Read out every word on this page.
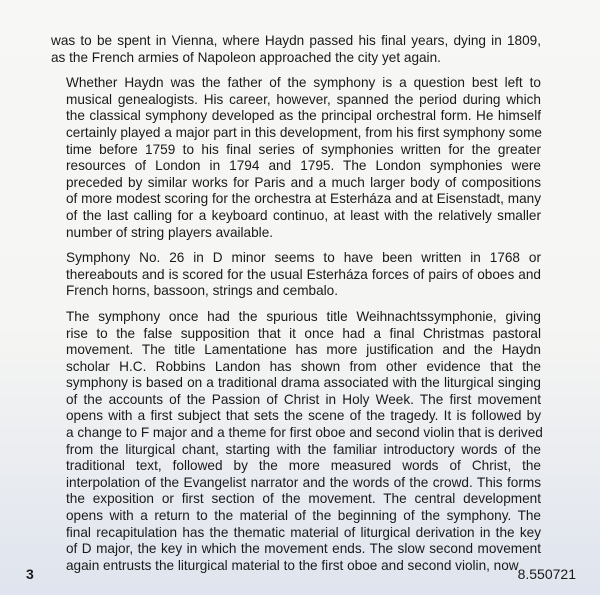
was to be spent in Vienna, where Haydn passed his final years, dying in 1809,
as the French armies of Napoleon approached the city yet again.

Whether Haydn was the father of the symphony is a question best left to
musical genealogists. His career, however, spanned the period during which
the classical symphony developed as the principal orchestral form. He himself
certainly played a major part in this development, from his first symphony some
time before 1759 to his final series of symphonies written for the greater
resources of London in 1794 and 1795. The London symphonies were
preceded by similar works for Paris and a much larger body of compositions
of more modest scoring for the orchestra at Esterháza and at Eisenstadt, many
of the last calling for a keyboard continuo, at least with the relatively smaller
number of string players available.

Symphony No. 26 in D minor seems to have been written in 1768 or
thereabouts and is scored for the usual Esterháza forces of pairs of oboes and
French horns, bassoon, strings and cembalo.

The symphony once had the spurious title Weihnachtssymphonie, giving
rise to the false supposition that it once had a final Christmas pastoral
movement. The title Lamentatione has more justification and the Haydn
scholar H.C. Robbins Landon has shown from other evidence that the
symphony is based on a traditional drama associated with the liturgical singing
of the accounts of the Passion of Christ in Holy Week. The first movement
opens with a first subject that sets the scene of the tragedy. It is followed by
a change to F major and a theme for first oboe and second violin that is derived
from the liturgical chant, starting with the familiar introductory words of the
traditional text, followed by the more measured words of Christ, the
interpolation of the Evangelist narrator and the words of the crowd. This forms
the exposition or first section of the movement. The central development
opens with a return to the material of the beginning of the symphony. The
final recapitulation has the thematic material of liturgical derivation in the key
of D major, the key in which the movement ends. The slow second movement
again entrusts the liturgical material to the first oboe and second violin, now

3	8.550721
